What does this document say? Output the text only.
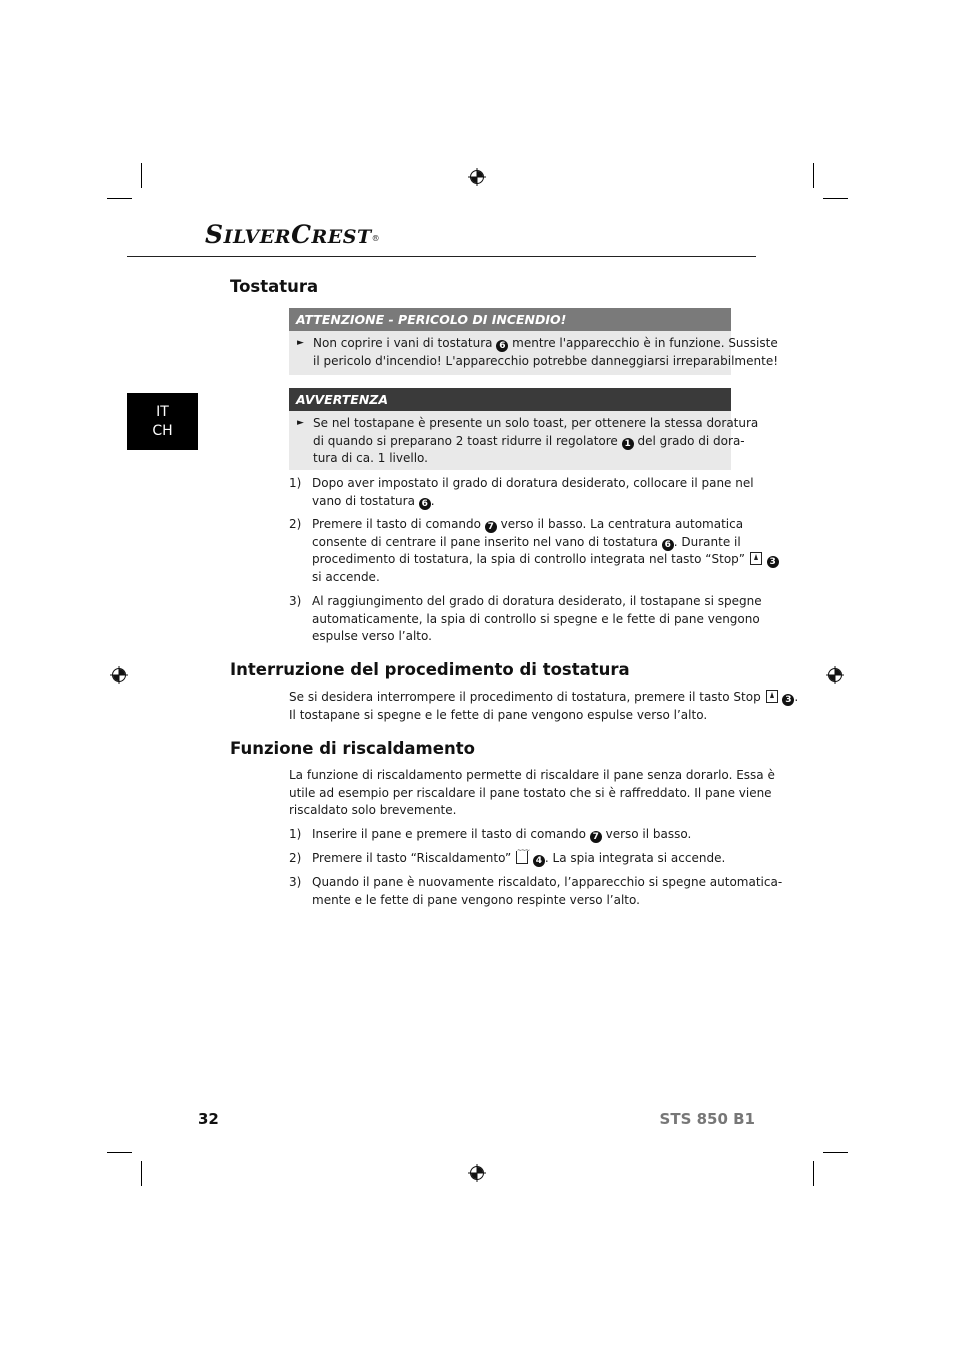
SILVERCREST®
IT
CH
Tostatura
ATTENZIONE - PERICOLO DI INCENDIO!
► Non coprire i vani di tostatura 6 mentre l'apparecchio è in funzione. Sussiste
il pericolo d'incendio! L'apparecchio potrebbe danneggiarsi irreparabilmente!
AVVERTENZA
► Se nel tostapane è presente un solo toast, per ottenere la stessa doratura
di quando si preparano 2 toast ridurre il regolatore 1 del grado di dora-
tura di ca. 1 livello.
1) Dopo aver impostato il grado di doratura desiderato, collocare il pane nel
vano di tostatura 6 .
2) Premere il tasto di comando 7 verso il basso. La centratura automatica
consente di centrare il pane inserito nel vano di tostatura 6 . Durante il
procedimento di tostatura, la spia di controllo integrata nel tasto “Stop”	3
si accende.
3) Al raggiungimento del grado di doratura desiderato, il tostapane si spegne
automaticamente, la spia di controllo si spegne e le fette di pane vengono
espulse verso l’alto.
Interruzione del procedimento di tostatura
Se si desidera interrompere il procedimento di tostatura, premere il tasto Stop	3 .
Il tostapane si spegne e le fette di pane vengono espulse verso l’alto.
Funzione di riscaldamento
La funzione di riscaldamento permette di riscaldare il pane senza dorarlo. Essa è
utile ad esempio per riscaldare il pane tostato che si è raffreddato. Il pane viene
riscaldato solo brevemente.
1) Inserire il pane e premere il tasto di comando 7 verso il basso.
2) Premere il tasto “Riscaldamento” ~~~	4 . La spia integrata si accende.
3) Quando il pane è nuovamente riscaldato, l’apparecchio si spegne automatica-
mente e le fette di pane vengono respinte verso l’alto.
32	STS 850 B1
